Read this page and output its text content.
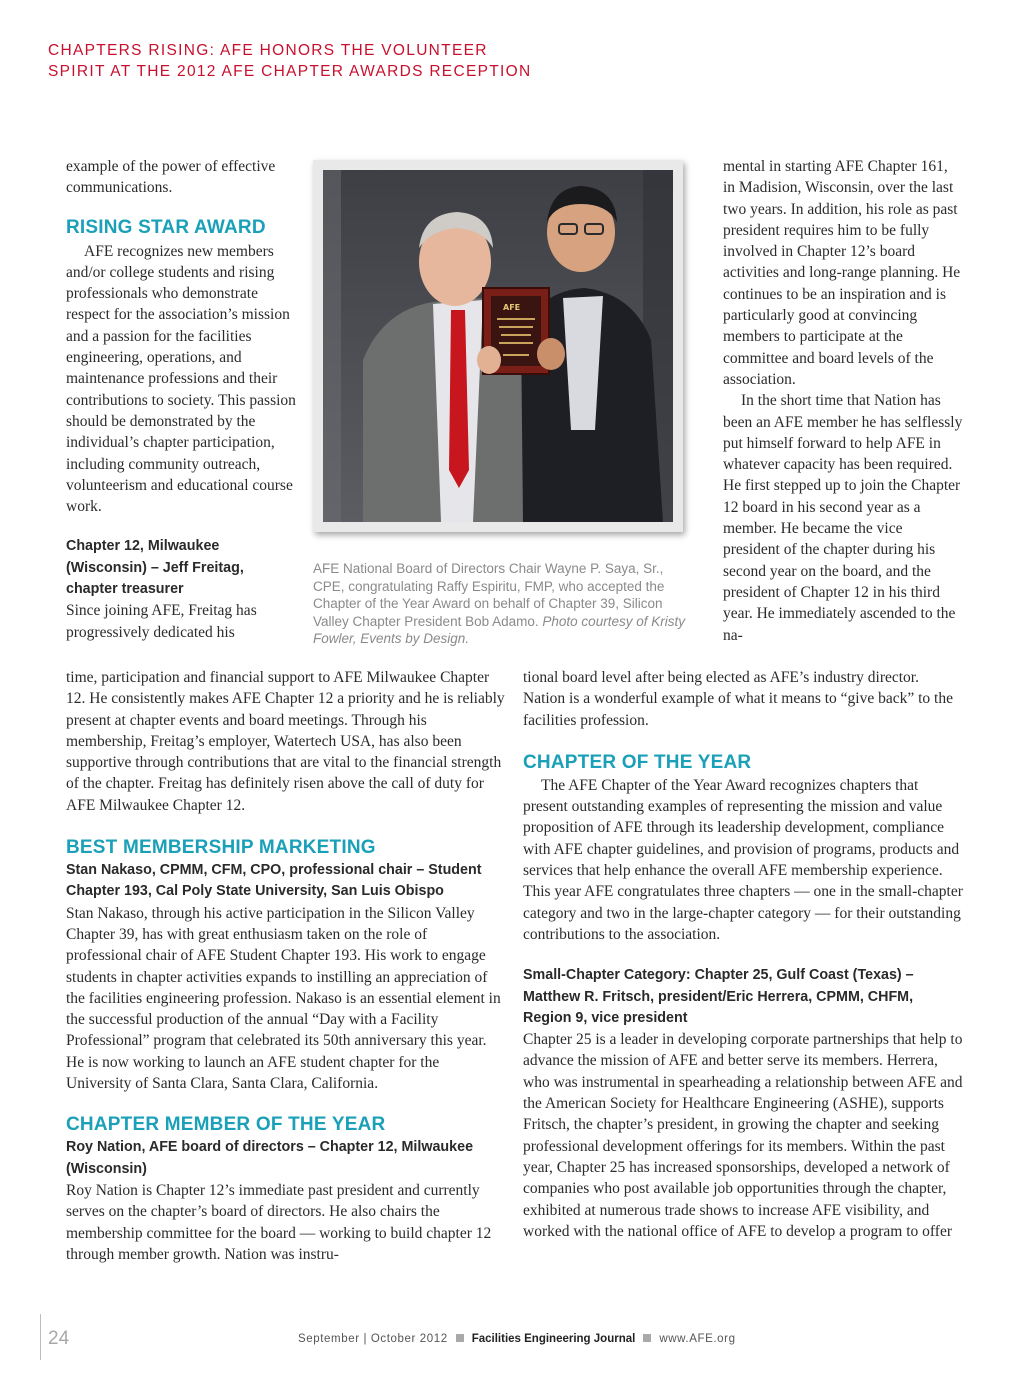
CHAPTERS RISING: AFE HONORS THE VOLUNTEER
SPIRIT AT THE 2012 AFE CHAPTER AWARDS RECEPTION

example of the power of effective communications.

RISING STAR AWARD

AFE recognizes new members and/or college students and rising professionals who demonstrate respect for the association’s mission and a passion for the facilities engineering, operations, and maintenance professions and their contributions to society. This passion should be demonstrated by the individual’s chapter participation, including community outreach, volunteerism and educational course work.

Chapter 12, Milwaukee
(Wisconsin) – Jeff Freitag,
chapter treasurer

Since joining AFE, Freitag has

progressively dedicated his

time, participation and financial support to AFE Milwaukee Chapter 12. He consistently makes AFE Chapter 12 a priority and he is reliably present at chapter events and board meetings. Through his membership, Freitag’s employer, Watertech USA, has also been supportive through contributions that are vital to the financial strength of the chapter. Freitag has definitely risen above the call of duty for AFE Milwaukee Chapter 12.

BEST MEMBERSHIP MARKETING

Stan Nakaso, CPMM, CFM, CPO, professional chair – Student Chapter 193, Cal Poly State University, San Luis Obispo

Stan Nakaso, through his active participation in the Silicon Valley Chapter 39, has with great enthusiasm taken on the role of professional chair of AFE Student Chapter 193. His work to engage students in chapter activities expands to instilling an appreciation of the facilities engineering profession. Nakaso is an essential element in the successful production of the annual “Day with a Facility Professional” program that celebrated its 50th anniversary this year. He is now working to launch an AFE student chapter for the University of Santa Clara, Santa Clara, California.

CHAPTER MEMBER OF THE YEAR

Roy Nation, AFE board of directors – Chapter 12, Milwaukee (Wisconsin)

Roy Nation is Chapter 12’s immediate past president and currently serves on the chapter’s board of directors. He also chairs the membership committee for the board — working to build chapter 12 through member growth. Nation was instru-

AFE
AFE National Board of Directors Chair Wayne P. Saya, Sr., CPE, congratulating Raffy Espiritu, FMP, who accepted the Chapter of the Year Award on behalf of Chapter 39, Silicon Valley Chapter President Bob Adamo. Photo courtesy of Kristy Fowler, Events by Design.

mental in starting AFE Chapter 161, in Madision, Wisconsin, over the last two years. In addition, his role as past president requires him to be fully involved in Chapter 12’s board activities and long-range planning. He continues to be an inspiration and is particularly good at convincing members to participate at the committee and board levels of the association.

In the short time that Nation has been an AFE member he has selflessly put himself forward to help AFE in whatever capacity has been required. He first stepped up to join the Chapter 12 board in his second year as a member. He became the vice president of the chapter during his second year on the board, and the president of Chapter 12 in his third year. He immediately ascended to the na-

tional board level after being elected as AFE’s industry director. Nation is a wonderful example of what it means to “give back” to the facilities profession.

CHAPTER OF THE YEAR

The AFE Chapter of the Year Award recognizes chapters that present outstanding examples of representing the mission and value proposition of AFE through its leadership development, compliance with AFE chapter guidelines, and provision of programs, products and services that help enhance the overall AFE membership experience. This year AFE congratulates three chapters — one in the small-chapter category and two in the large-chapter category — for their outstanding contributions to the association.

Small-Chapter Category: Chapter 25, Gulf Coast (Texas) – Matthew R. Fritsch, president/Eric Herrera, CPMM, CHFM, Region 9, vice president

Chapter 25 is a leader in developing corporate partnerships that help to advance the mission of AFE and better serve its members. Herrera, who was instrumental in spearheading a relationship between AFE and the American Society for Healthcare Engineering (ASHE), supports Fritsch, the chapter’s president, in growing the chapter and seeking professional development offerings for its members. Within the past year, Chapter 25 has increased sponsorships, developed a network of companies who post available job opportunities through the chapter, exhibited at numerous trade shows to increase AFE visibility, and worked with the national office of AFE to develop a program to offer

24	September | October 2012 Facilities Engineering Journal www.AFE.org
